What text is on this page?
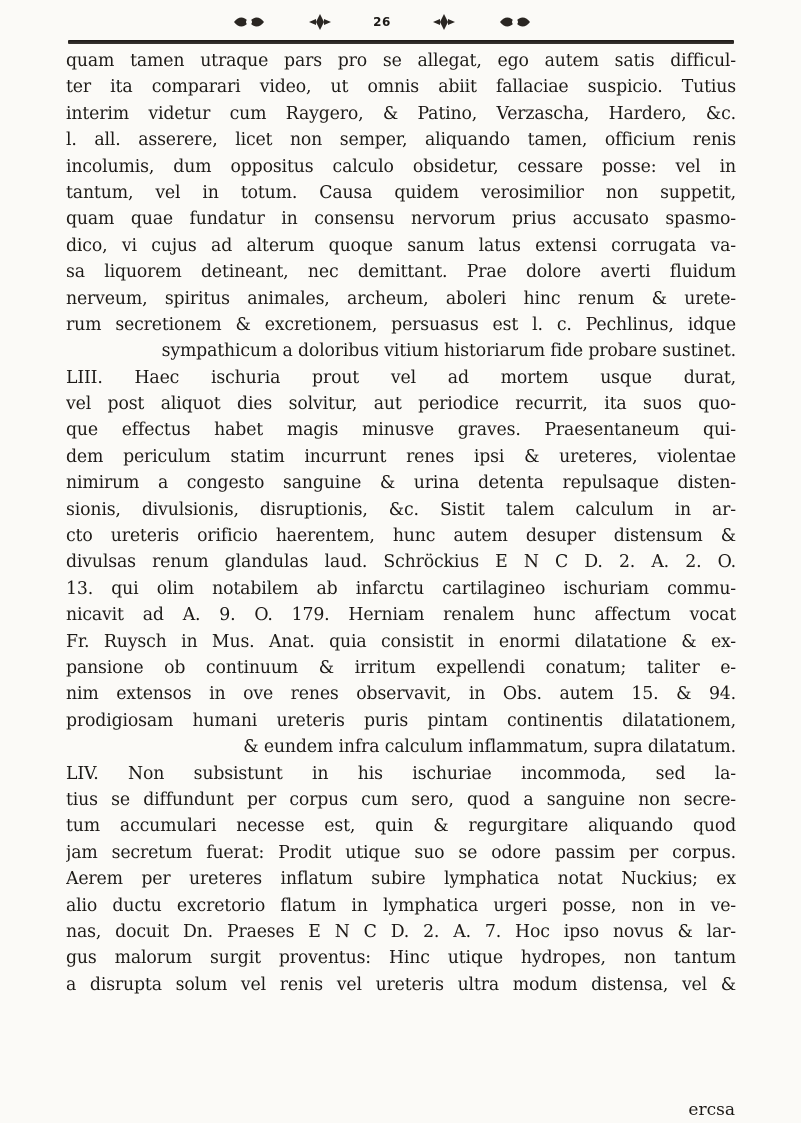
26
quam tamen utraque pars pro se allegat, ego autem satis difficul-
ter ita comparari video, ut omnis abiit fallaciae suspicio. Tutius
interim videtur cum Raygero, & Patino, Verzascha, Hardero, &c.
l. all. asserere, licet non semper, aliquando tamen, officium renis
incolumis, dum oppositus calculo obsidetur, cessare posse: vel in
tantum, vel in totum. Causa quidem verosimilior non suppetit,
quam quae fundatur in consensu nervorum prius accusato spasmo-
dico, vi cujus ad alterum quoque sanum latus extensi corrugata va-
sa liquorem detineant, nec demittant. Prae dolore averti fluidum
nerveum, spiritus animales, archeum, aboleri hinc renum & urete-
rum secretionem & excretionem, persuasus est l. c. Pechlinus, idque
sympathicum a doloribus vitium historiarum fide probare sustinet.
LIII. Haec ischuria prout vel ad mortem usque durat,
vel post aliquot dies solvitur, aut periodice recurrit, ita suos quo-
que effectus habet magis minusve graves. Praesentaneum qui-
dem periculum statim incurrunt renes ipsi & ureteres, violentae
nimirum a congesto sanguine & urina detenta repulsaque disten-
sionis, divulsionis, disruptionis, &c. Sistit talem calculum in ar-
cto ureteris orificio haerentem, hunc autem desuper distensum &
divulsas renum glandulas laud. Schröckius E N C D. 2. A. 2. O.
13. qui olim notabilem ab infarctu cartilagineo ischuriam commu-
nicavit ad A. 9. O. 179. Herniam renalem hunc affectum vocat
Fr. Ruysch in Mus. Anat. quia consistit in enormi dilatatione & ex-
pansione ob continuum & irritum expellendi conatum; taliter e-
nim extensos in ove renes observavit, in Obs. autem 15. & 94.
prodigiosam humani ureteris puris pintam continentis dilatationem,
& eundem infra calculum inflammatum, supra dilatatum.
LIV. Non subsistunt in his ischuriae incommoda, sed la-
tius se diffundunt per corpus cum sero, quod a sanguine non secre-
tum accumulari necesse est, quin & regurgitare aliquando quod
jam secretum fuerat: Prodit utique suo se odore passim per corpus.
Aerem per ureteres inflatum subire lymphatica notat Nuckius; ex
alio ductu excretorio flatum in lymphatica urgeri posse, non in ve-
nas, docuit Dn. Praeses E N C D. 2. A. 7. Hoc ipso novus & lar-
gus malorum surgit proventus: Hinc utique hydropes, non tantum
a disrupta solum vel renis vel ureteris ultra modum distensa, vel &
ercsa
